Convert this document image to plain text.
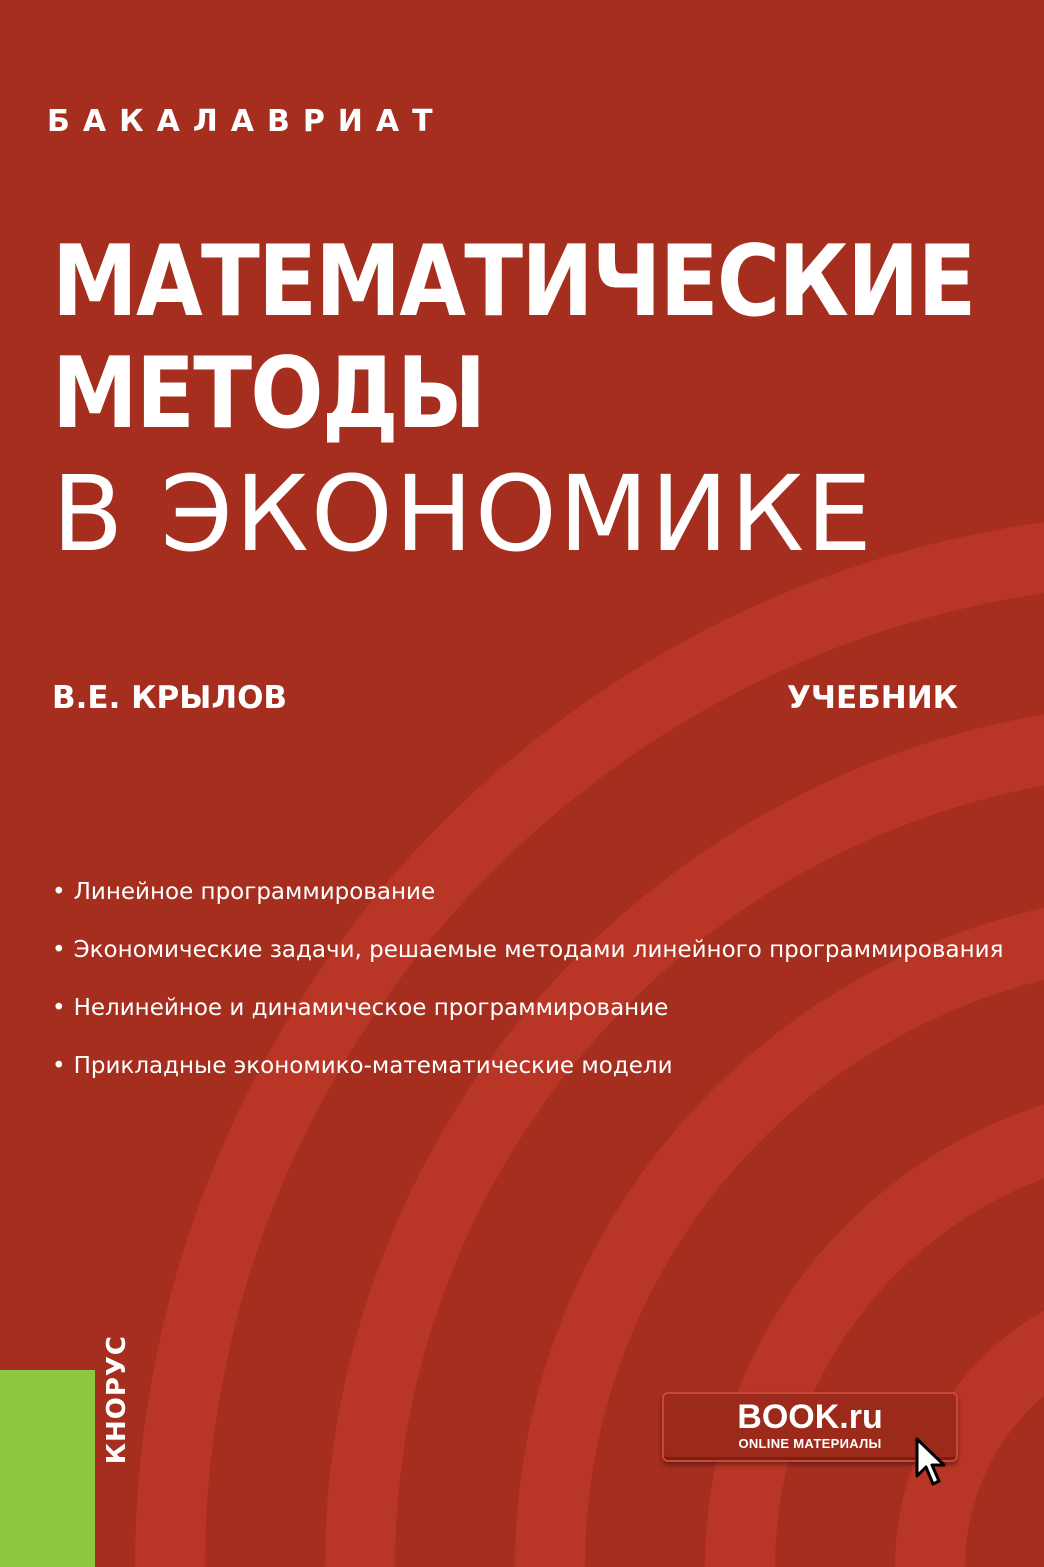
БАКАЛАВРИАТ
МАТЕМАТИЧЕСКИЕ
МЕТОДЫ
В ЭКОНОМИКЕ
В.Е. КРЫЛОВ	УЧЕБНИК
• Линейное программирование
• Экономические задачи, решаемые методами линейного программирования
• Нелинейное и динамическое программирование
• Прикладные экономико-математические модели
КНОРУС	BOOK.ru
ONLINE МАТЕРИАЛЫ
